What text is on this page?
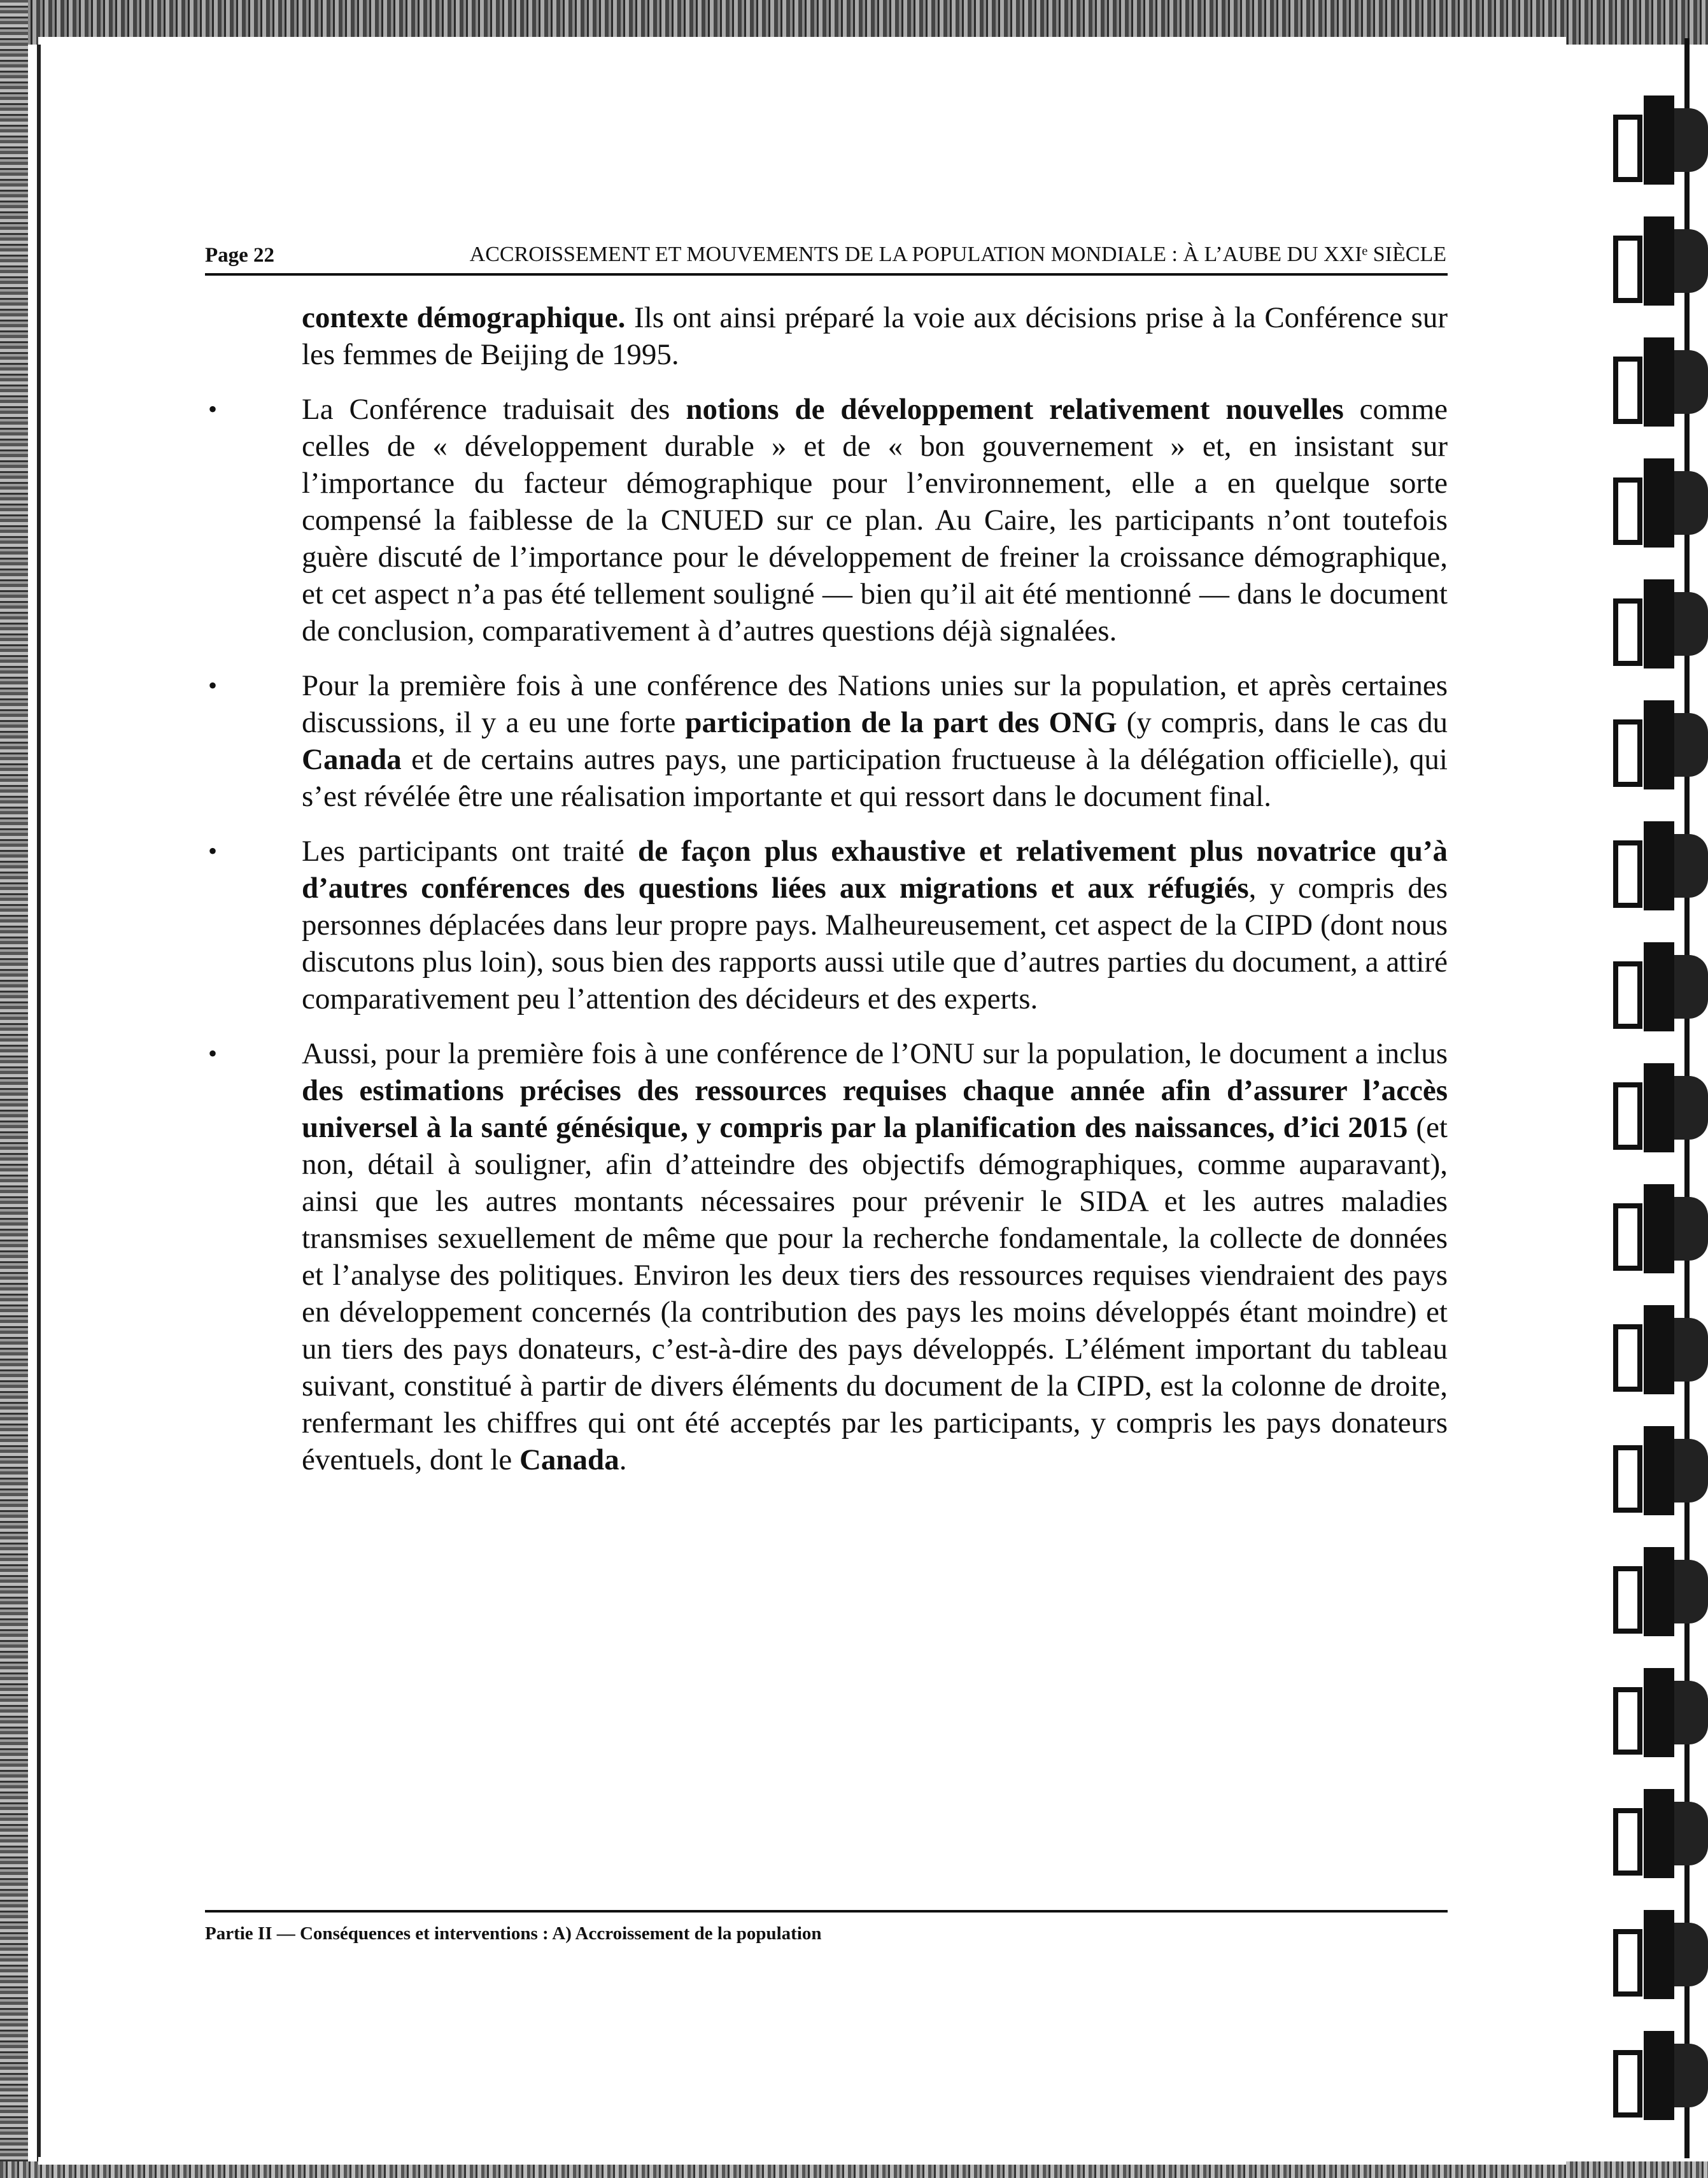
Page 22	ACCROISSEMENT ET MOUVEMENTS DE LA POPULATION MONDIALE : À L’AUBE DU XXIᵉ SIÈCLE

contexte démographique. Ils ont ainsi préparé la voie aux décisions prise à la Conférence sur les femmes de Beijing de 1995.

•	La Conférence traduisait des notions de développement relativement nouvelles comme celles de « développement durable » et de « bon gouvernement » et, en insistant sur l’importance du facteur démographique pour l’environnement, elle a en quelque sorte compensé la faiblesse de la CNUED sur ce plan. Au Caire, les participants n’ont toutefois guère discuté de l’importance pour le développement de freiner la croissance démographique, et cet aspect n’a pas été tellement souligné — bien qu’il ait été mentionné — dans le document de conclusion, comparativement à d’autres questions déjà signalées.

•	Pour la première fois à une conférence des Nations unies sur la population, et après certaines discussions, il y a eu une forte participation de la part des ONG (y compris, dans le cas du Canada et de certains autres pays, une participation fructueuse à la délégation officielle), qui s’est révélée être une réalisation importante et qui ressort dans le document final.

•	Les participants ont traité de façon plus exhaustive et relativement plus novatrice qu’à d’autres conférences des questions liées aux migrations et aux réfugiés, y compris des personnes déplacées dans leur propre pays. Malheureusement, cet aspect de la CIPD (dont nous discutons plus loin), sous bien des rapports aussi utile que d’autres parties du document, a attiré comparativement peu l’attention des décideurs et des experts.

•	Aussi, pour la première fois à une conférence de l’ONU sur la population, le document a inclus des estimations précises des ressources requises chaque année afin d’assurer l’accès universel à la santé génésique, y compris par la planification des naissances, d’ici 2015 (et non, détail à souligner, afin d’atteindre des objectifs démographiques, comme auparavant), ainsi que les autres montants nécessaires pour prévenir le SIDA et les autres maladies transmises sexuellement de même que pour la recherche fondamentale, la collecte de données et l’analyse des politiques. Environ les deux tiers des ressources requises viendraient des pays en développement concernés (la contribution des pays les moins développés étant moindre) et un tiers des pays donateurs, c’est-à-dire des pays développés. L’élément important du tableau suivant, constitué à partir de divers éléments du document de la CIPD, est la colonne de droite, renfermant les chiffres qui ont été acceptés par les participants, y compris les pays donateurs éventuels, dont le Canada.

Partie II — Conséquences et interventions : A) Accroissement de la population
